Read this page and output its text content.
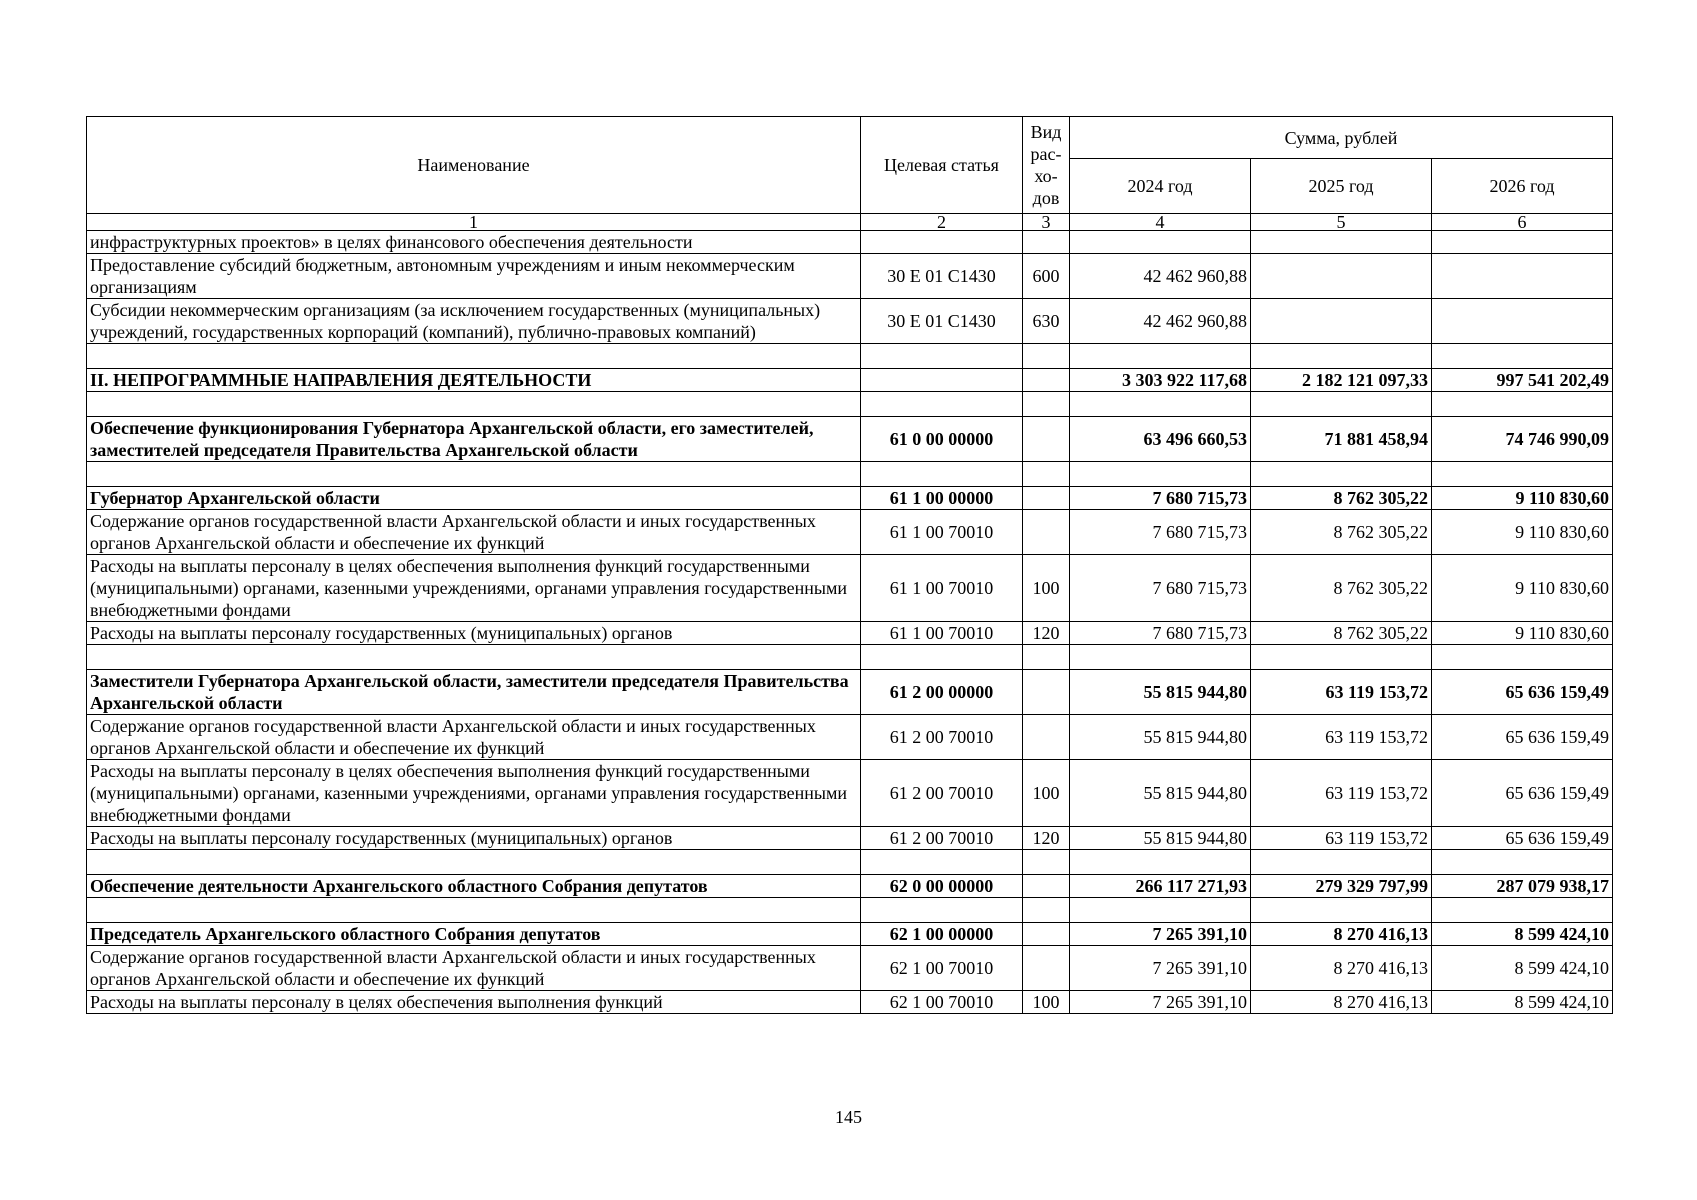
Наименование	Целевая статья	Вид рас-хо-дов	Сумма, рублей		
			2024 год	2025 год	2026 год
1	2	3	4	5	6
инфраструктурных проектов» в целях финансового обеспечения деятельности					
Предоставление субсидий бюджетным, автономным учреждениям и иным некоммерческим организациям	30 Е 01 С1430	600	42 462 960,88		
Субсидии некоммерческим организациям (за исключением государственных (муниципальных) учреждений, государственных корпораций (компаний), публично-правовых компаний)	30 Е 01 С1430	630	42 462 960,88		

II. НЕПРОГРАММНЫЕ НАПРАВЛЕНИЯ ДЕЯТЕЛЬНОСТИ			3 303 922 117,68	2 182 121 097,33	997 541 202,49

Обеспечение функционирования Губернатора Архангельской области, его заместителей, заместителей председателя Правительства Архангельской области	61 0 00 00000		63 496 660,53	71 881 458,94	74 746 990,09

Губернатор Архангельской области	61 1 00 00000		7 680 715,73	8 762 305,22	9 110 830,60
Содержание органов государственной власти Архангельской области и иных государственных органов Архангельской области и обеспечение их функций	61 1 00 70010		7 680 715,73	8 762 305,22	9 110 830,60
Расходы на выплаты персоналу в целях обеспечения выполнения функций государственными (муниципальными) органами, казенными учреждениями, органами управления государственными внебюджетными фондами	61 1 00 70010	100	7 680 715,73	8 762 305,22	9 110 830,60
Расходы на выплаты персоналу государственных (муниципальных) органов	61 1 00 70010	120	7 680 715,73	8 762 305,22	9 110 830,60

Заместители Губернатора Архангельской области, заместители председателя Правительства Архангельской области	61 2 00 00000		55 815 944,80	63 119 153,72	65 636 159,49
Содержание органов государственной власти Архангельской области и иных государственных органов Архангельской области и обеспечение их функций	61 2 00 70010		55 815 944,80	63 119 153,72	65 636 159,49
Расходы на выплаты персоналу в целях обеспечения выполнения функций государственными (муниципальными) органами, казенными учреждениями, органами управления государственными внебюджетными фондами	61 2 00 70010	100	55 815 944,80	63 119 153,72	65 636 159,49
Расходы на выплаты персоналу государственных (муниципальных) органов	61 2 00 70010	120	55 815 944,80	63 119 153,72	65 636 159,49

Обеспечение деятельности Архангельского областного Собрания депутатов	62 0 00 00000		266 117 271,93	279 329 797,99	287 079 938,17

Председатель Архангельского областного Собрания депутатов	62 1 00 00000		7 265 391,10	8 270 416,13	8 599 424,10
Содержание органов государственной власти Архангельской области и иных государственных органов Архангельской области и обеспечение их функций	62 1 00 70010		7 265 391,10	8 270 416,13	8 599 424,10
Расходы на выплаты персоналу в целях обеспечения выполнения функций	62 1 00 70010	100	7 265 391,10	8 270 416,13	8 599 424,10
145
